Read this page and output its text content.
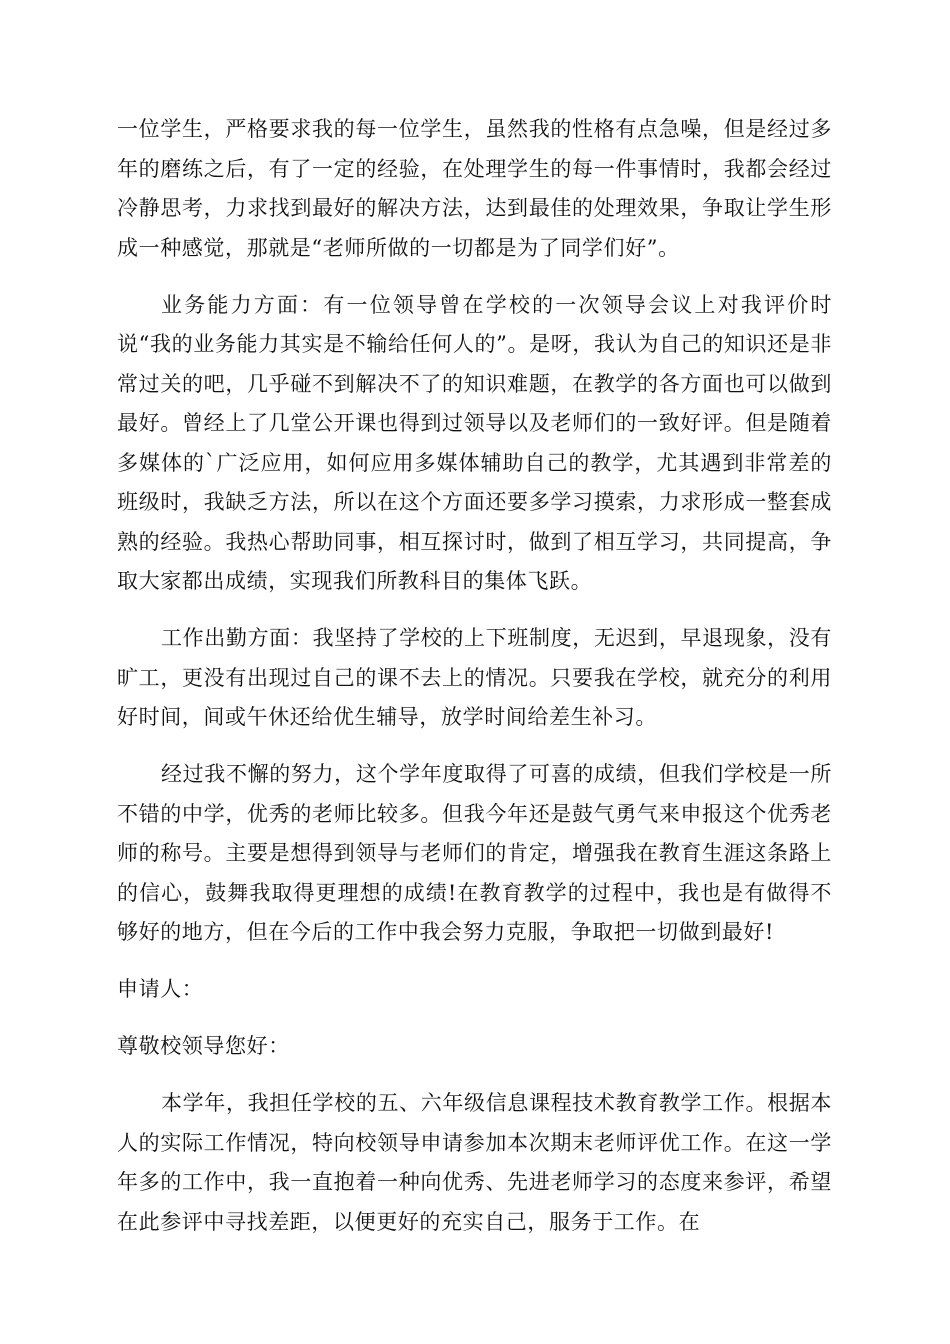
一位学生，严格要求我的每一位学生，虽然我的性格有点急噪，但是经过多年的磨练之后，有了一定的经验，在处理学生的每一件事情时，我都会经过冷静思考，力求找到最好的解决方法，达到最佳的处理效果，争取让学生形成一种感觉，那就是“老师所做的一切都是为了同学们好”。

业务能力方面：有一位领导曾在学校的一次领导会议上对我评价时说“我的业务能力其实是不输给任何人的”。是呀，我认为自己的知识还是非常过关的吧，几乎碰不到解决不了的知识难题，在教学的各方面也可以做到最好。曾经上了几堂公开课也得到过领导以及老师们的一致好评。但是随着多媒体的`广泛应用，如何应用多媒体辅助自己的教学，尤其遇到非常差的班级时，我缺乏方法，所以在这个方面还要多学习摸索，力求形成一整套成熟的经验。我热心帮助同事，相互探讨时，做到了相互学习，共同提高，争取大家都出成绩，实现我们所教科目的集体飞跃。

工作出勤方面：我坚持了学校的上下班制度，无迟到，早退现象，没有旷工，更没有出现过自己的课不去上的情况。只要我在学校，就充分的利用好时间，间或午休还给优生辅导，放学时间给差生补习。

经过我不懈的努力，这个学年度取得了可喜的成绩，但我们学校是一所不错的中学，优秀的老师比较多。但我今年还是鼓气勇气来申报这个优秀老师的称号。主要是想得到领导与老师们的肯定，增强我在教育生涯这条路上的信心，鼓舞我取得更理想的成绩!在教育教学的过程中，我也是有做得不够好的地方，但在今后的工作中我会努力克服，争取把一切做到最好!

申请人：

尊敬校领导您好：

本学年，我担任学校的五、六年级信息课程技术教育教学工作。根据本人的实际工作情况，特向校领导申请参加本次期末老师评优工作。在这一学年多的工作中，我一直抱着一种向优秀、先进老师学习的态度来参评，希望在此参评中寻找差距，以便更好的充实自己，服务于工作。在
